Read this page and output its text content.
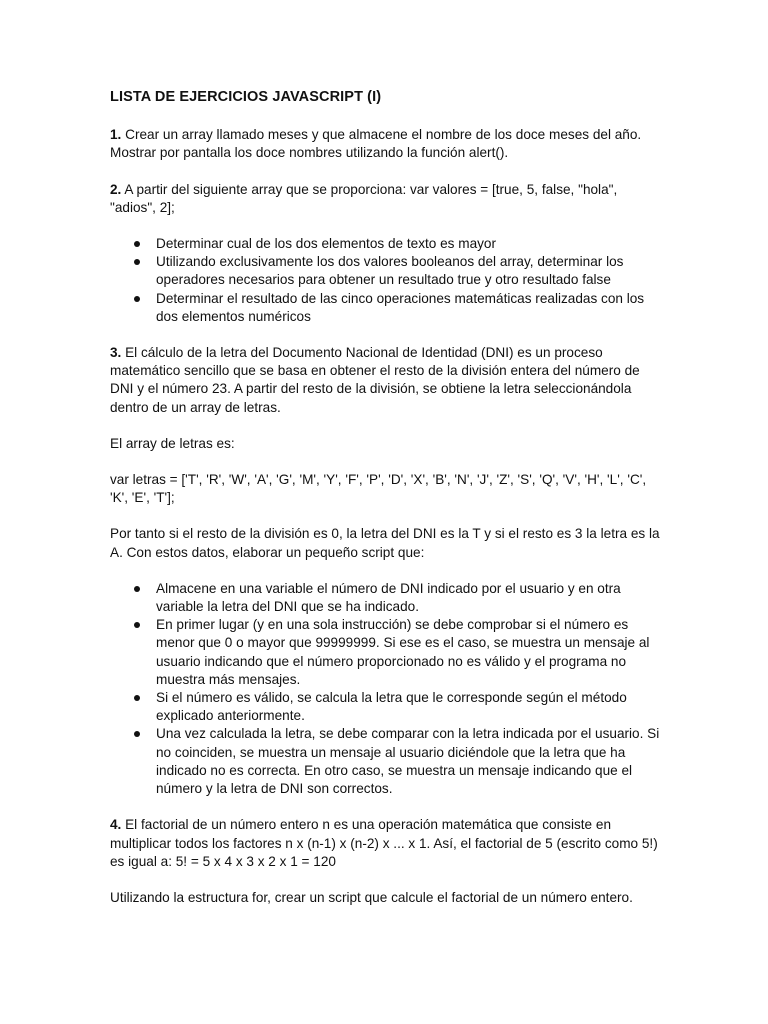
LISTA DE EJERCICIOS JAVASCRIPT (I)

1. Crear un array llamado meses y que almacene el nombre de los doce meses del año. Mostrar por pantalla los doce nombres utilizando la función alert().

2. A partir del siguiente array que se proporciona: var valores = [true, 5, false, "hola", "adios", 2];

Determinar cual de los dos elementos de texto es mayor
Utilizando exclusivamente los dos valores booleanos del array, determinar los operadores necesarios para obtener un resultado true y otro resultado false
Determinar el resultado de las cinco operaciones matemáticas realizadas con los dos elementos numéricos

3. El cálculo de la letra del Documento Nacional de Identidad (DNI) es un proceso matemático sencillo que se basa en obtener el resto de la división entera del número de DNI y el número 23. A partir del resto de la división, se obtiene la letra seleccionándola dentro de un array de letras.

El array de letras es:

var letras = ['T', 'R', 'W', 'A', 'G', 'M', 'Y', 'F', 'P', 'D', 'X', 'B', 'N', 'J', 'Z', 'S', 'Q', 'V', 'H', 'L', 'C', 'K', 'E', 'T'];

Por tanto si el resto de la división es 0, la letra del DNI es la T y si el resto es 3 la letra es la A. Con estos datos, elaborar un pequeño script que:

Almacene en una variable el número de DNI indicado por el usuario y en otra variable la letra del DNI que se ha indicado.
En primer lugar (y en una sola instrucción) se debe comprobar si el número es menor que 0 o mayor que 99999999. Si ese es el caso, se muestra un mensaje al usuario indicando que el número proporcionado no es válido y el programa no muestra más mensajes.
Si el número es válido, se calcula la letra que le corresponde según el método explicado anteriormente.
Una vez calculada la letra, se debe comparar con la letra indicada por el usuario. Si no coinciden, se muestra un mensaje al usuario diciéndole que la letra que ha indicado no es correcta. En otro caso, se muestra un mensaje indicando que el número y la letra de DNI son correctos.

4. El factorial de un número entero n es una operación matemática que consiste en multiplicar todos los factores n x (n-1) x (n-2) x ... x 1. Así, el factorial de 5 (escrito como 5!) es igual a: 5! = 5 x 4 x 3 x 2 x 1 = 120

Utilizando la estructura for, crear un script que calcule el factorial de un número entero.
